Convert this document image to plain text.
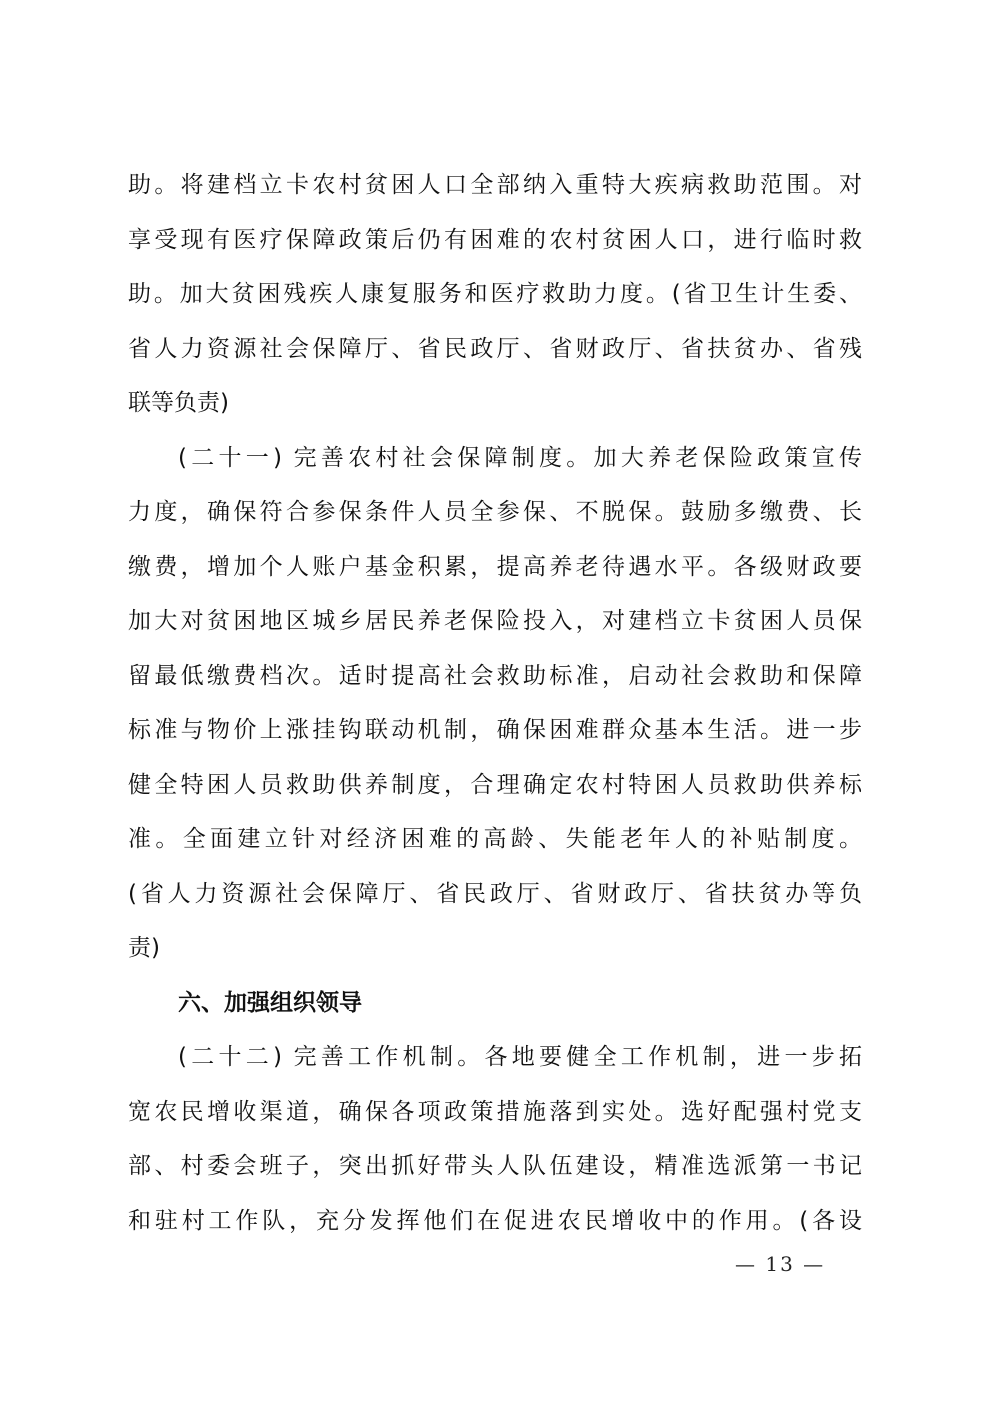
助。将建档立卡农村贫困人口全部纳入重特大疾病救助范围。对
享受现有医疗保障政策后仍有困难的农村贫困人口，进行临时救
助。加大贫困残疾人康复服务和医疗救助力度。(省卫生计生委、
省人力资源社会保障厅、省民政厅、省财政厅、省扶贫办、省残
联等负责)
(二十一) 完善农村社会保障制度。加大养老保险政策宣传
力度，确保符合参保条件人员全参保、不脱保。鼓励多缴费、长
缴费，增加个人账户基金积累，提高养老待遇水平。各级财政要
加大对贫困地区城乡居民养老保险投入，对建档立卡贫困人员保
留最低缴费档次。适时提高社会救助标准，启动社会救助和保障
标准与物价上涨挂钩联动机制，确保困难群众基本生活。进一步
健全特困人员救助供养制度，合理确定农村特困人员救助供养标
准。全面建立针对经济困难的高龄、失能老年人的补贴制度。
(省人力资源社会保障厅、省民政厅、省财政厅、省扶贫办等负
责)
六、加强组织领导
(二十二) 完善工作机制。各地要健全工作机制，进一步拓
宽农民增收渠道，确保各项政策措施落到实处。选好配强村党支
部、村委会班子，突出抓好带头人队伍建设，精准选派第一书记
和驻村工作队，充分发挥他们在促进农民增收中的作用。(各设
— 13 —
